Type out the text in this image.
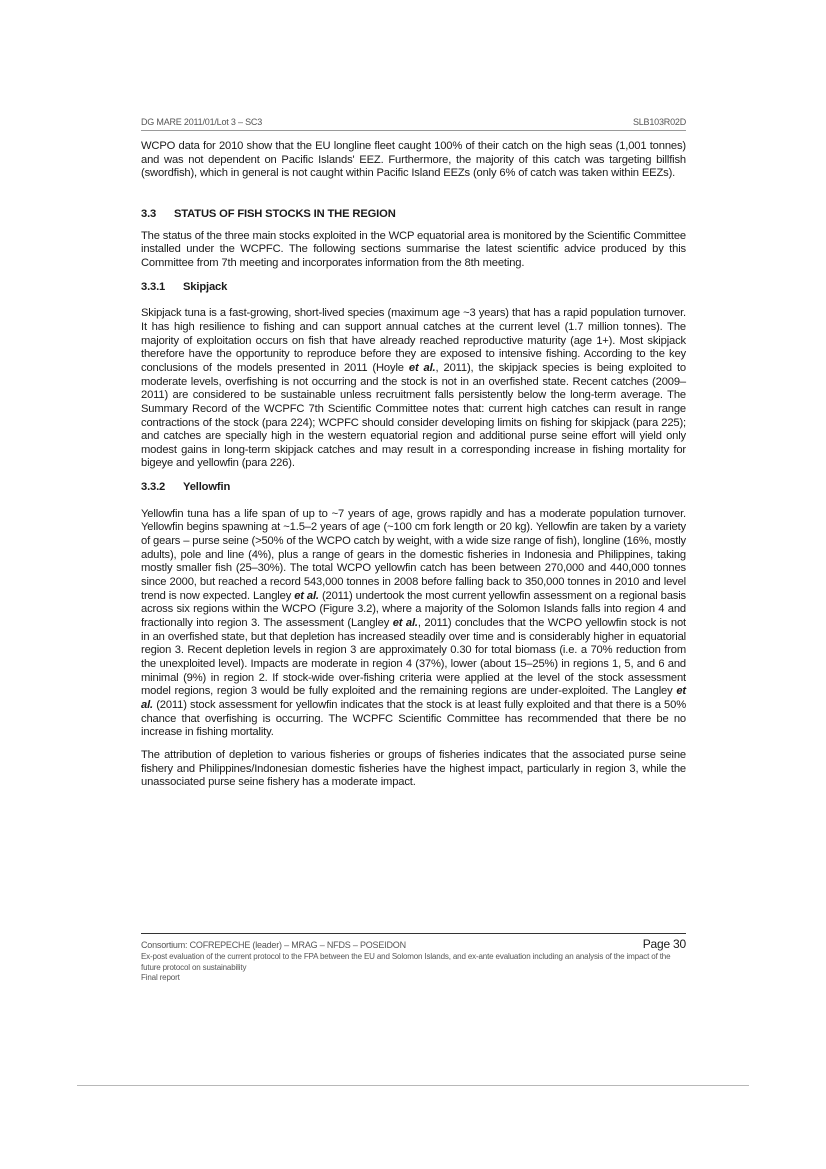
DG MARE 2011/01/Lot 3 – SC3	SLB103R02D

WCPO data for 2010 show that the EU longline fleet caught 100% of their catch on the high seas (1,001 tonnes) and was not dependent on Pacific Islands' EEZ. Furthermore, the majority of this catch was targeting billfish (swordfish), which in general is not caught within Pacific Island EEZs (only 6% of catch was taken within EEZs).

3.3	STATUS OF FISH STOCKS IN THE REGION

The status of the three main stocks exploited in the WCP equatorial area is monitored by the Scientific Committee installed under the WCPFC. The following sections summarise the latest scientific advice produced by this Committee from 7th meeting and incorporates information from the 8th meeting.

3.3.1	Skipjack

Skipjack tuna is a fast-growing, short-lived species (maximum age ~3 years) that has a rapid population turnover. It has high resilience to fishing and can support annual catches at the current level (1.7 million tonnes). The majority of exploitation occurs on fish that have already reached reproductive maturity (age 1+). Most skipjack therefore have the opportunity to reproduce before they are exposed to intensive fishing. According to the key conclusions of the models presented in 2011 (Hoyle et al., 2011), the skipjack species is being exploited to moderate levels, overfishing is not occurring and the stock is not in an overfished state. Recent catches (2009–2011) are considered to be sustainable unless recruitment falls persistently below the long-term average. The Summary Record of the WCPFC 7th Scientific Committee notes that: current high catches can result in range contractions of the stock (para 224); WCPFC should consider developing limits on fishing for skipjack (para 225); and catches are specially high in the western equatorial region and additional purse seine effort will yield only modest gains in long-term skipjack catches and may result in a corresponding increase in fishing mortality for bigeye and yellowfin (para 226).

3.3.2	Yellowfin

Yellowfin tuna has a life span of up to ~7 years of age, grows rapidly and has a moderate population turnover. Yellowfin begins spawning at ~1.5–2 years of age (~100 cm fork length or 20 kg). Yellowfin are taken by a variety of gears – purse seine (>50% of the WCPO catch by weight, with a wide size range of fish), longline (16%, mostly adults), pole and line (4%), plus a range of gears in the domestic fisheries in Indonesia and Philippines, taking mostly smaller fish (25–30%). The total WCPO yellowfin catch has been between 270,000 and 440,000 tonnes since 2000, but reached a record 543,000 tonnes in 2008 before falling back to 350,000 tonnes in 2010 and level trend is now expected. Langley et al. (2011) undertook the most current yellowfin assessment on a regional basis across six regions within the WCPO (Figure 3.2), where a majority of the Solomon Islands falls into region 4 and fractionally into region 3. The assessment (Langley et al., 2011) concludes that the WCPO yellowfin stock is not in an overfished state, but that depletion has increased steadily over time and is considerably higher in equatorial region 3. Recent depletion levels in region 3 are approximately 0.30 for total biomass (i.e. a 70% reduction from the unexploited level). Impacts are moderate in region 4 (37%), lower (about 15–25%) in regions 1, 5, and 6 and minimal (9%) in region 2. If stock-wide over-fishing criteria were applied at the level of the stock assessment model regions, region 3 would be fully exploited and the remaining regions are under-exploited. The Langley et al. (2011) stock assessment for yellowfin indicates that the stock is at least fully exploited and that there is a 50% chance that overfishing is occurring. The WCPFC Scientific Committee has recommended that there be no increase in fishing mortality.

The attribution of depletion to various fisheries or groups of fisheries indicates that the associated purse seine fishery and Philippines/Indonesian domestic fisheries have the highest impact, particularly in region 3, while the unassociated purse seine fishery has a moderate impact.

Consortium: COFREPECHE (leader) – MRAG – NFDS – POSEIDON	Page 30
Ex-post evaluation of the current protocol to the FPA between the EU and Solomon Islands, and ex-ante evaluation including an analysis of the impact of the future protocol on sustainability
Final report
